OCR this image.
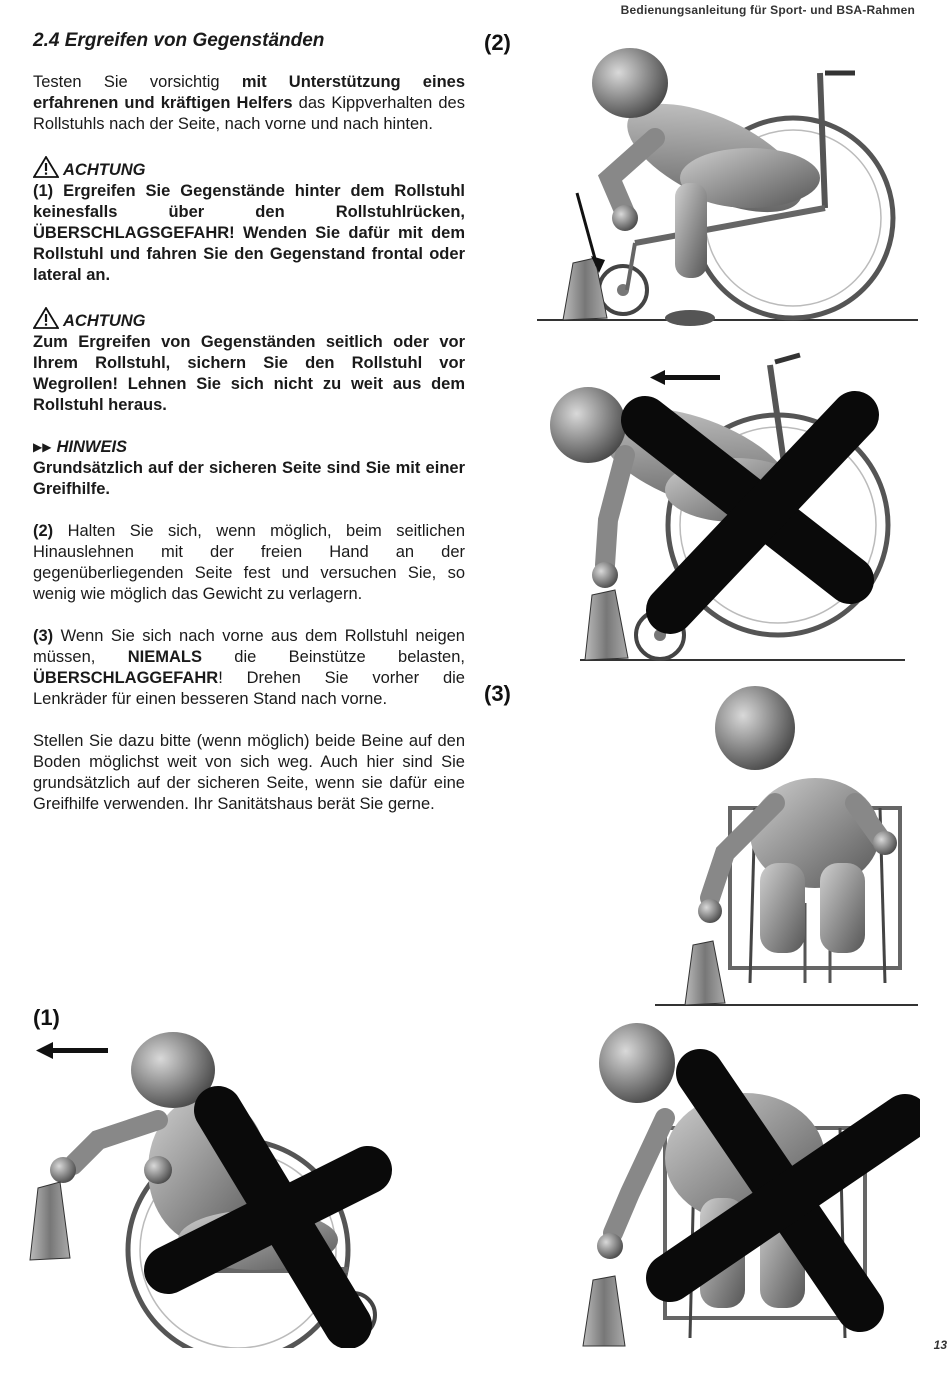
Bedienungsanleitung für Sport- und BSA-Rahmen
2.4 Ergreifen von Gegenständen

Testen Sie vorsichtig mit Unterstützung eines erfahrenen und kräftigen Helfers das Kippverhalten des Rollstuhls nach der Seite, nach vorne und nach hinten.

ACHTUNG

(1) Ergreifen Sie Gegenstände hinter dem Rollstuhl keinesfalls über den Rollstuhlrücken, ÜBERSCHLAGSGEFAHR! Wenden Sie dafür mit dem Rollstuhl und fahren Sie den Gegenstand frontal oder lateral an.

ACHTUNG

Zum Ergreifen von Gegenständen seitlich oder vor Ihrem Rollstuhl, sichern Sie den Rollstuhl vor Wegrollen! Lehnen Sie sich nicht zu weit aus dem Rollstuhl heraus.

▶▶ HINWEIS

Grundsätzlich auf der sicheren Seite sind Sie mit einer Greifhilfe.

(2) Halten Sie sich, wenn möglich, beim seitlichen Hinauslehnen mit der freien Hand an der gegenüberliegenden Seite fest und versuchen Sie, so wenig wie möglich das Gewicht zu verlagern.

(3) Wenn Sie sich nach vorne aus dem Rollstuhl neigen müssen, NIEMALS die Beinstütze belasten, ÜBERSCHLAGGEFAHR! Drehen Sie vorher die Lenkräder für einen besseren Stand nach vorne.

Stellen Sie dazu bitte (wenn möglich) beide Beine auf den Boden möglichst weit von sich weg. Auch hier sind Sie grundsätzlich auf der sicheren Seite, wenn sie dafür eine Greifhilfe verwenden. Ihr Sanitätshaus berät Sie gerne.

(2)
(3)
(1)
13
